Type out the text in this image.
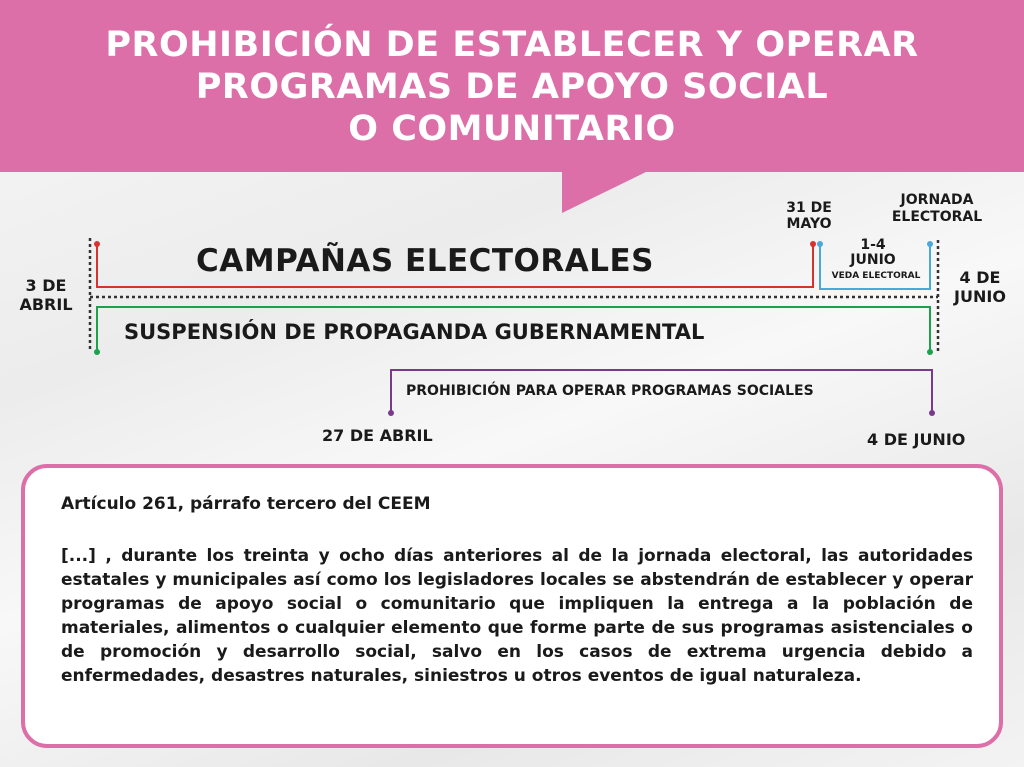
PROHIBICIÓN DE ESTABLECER Y OPERAR
PROGRAMAS DE APOYO SOCIAL
O COMUNITARIO
3 DE
ABRIL
4 DE
JUNIO
31 DE
MAYO
JORNADA
ELECTORAL
1-4
JUNIO
VEDA ELECTORAL
CAMPAÑAS ELECTORALES
SUSPENSIÓN DE PROPAGANDA GUBERNAMENTAL
PROHIBICIÓN PARA OPERAR PROGRAMAS SOCIALES
27 DE ABRIL	4 DE JUNIO
Artículo 261, párrafo tercero del CEEM

[...] , durante los treinta y ocho días anteriores al de la jornada electoral, las autoridades estatales y municipales así como los legisladores locales se abstendrán de establecer y operar programas de apoyo social o comunitario que impliquen la entrega a la población de materiales, alimentos o cualquier elemento que forme parte de sus programas asistenciales o de promoción y desarrollo social, salvo en los casos de extrema urgencia debido a enfermedades, desastres naturales, siniestros u otros eventos de igual naturaleza.
